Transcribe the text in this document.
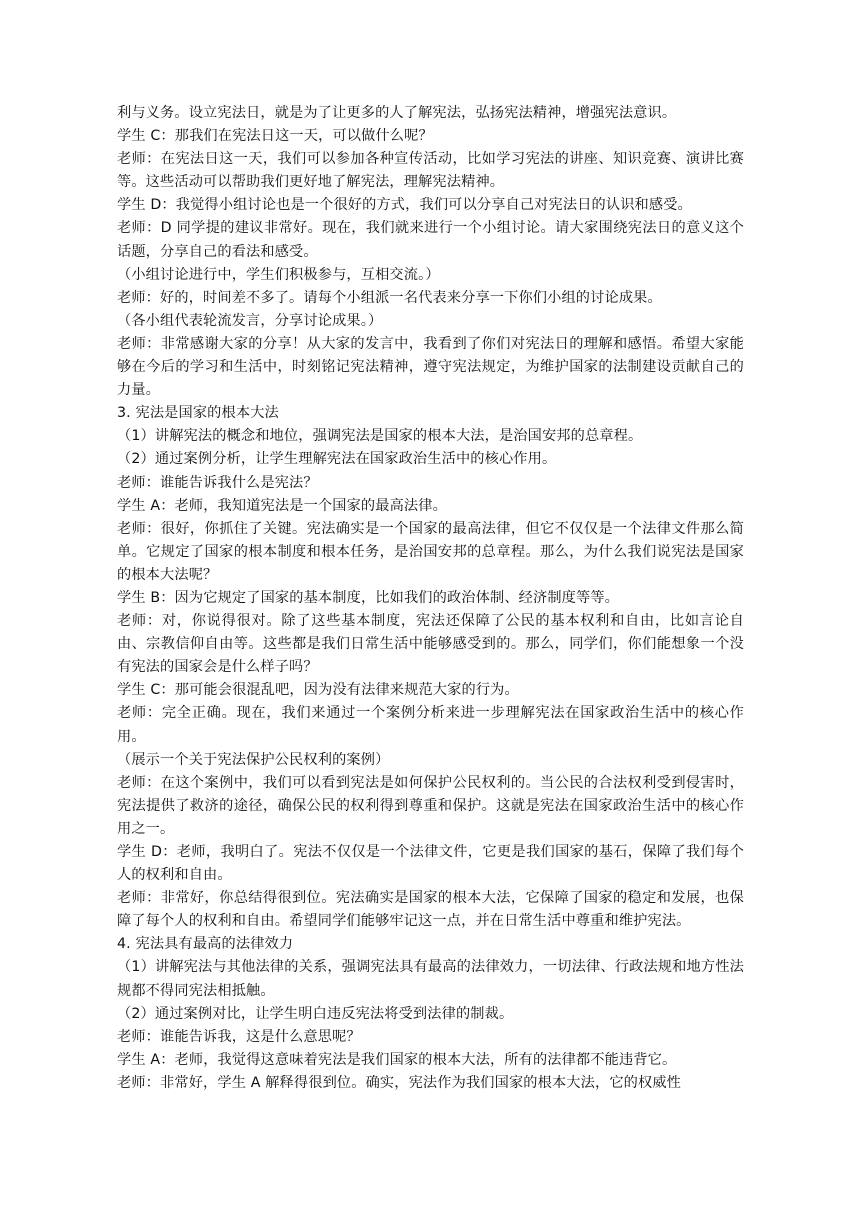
利与义务。设立宪法日，就是为了让更多的人了解宪法，弘扬宪法精神，增强宪法意识。

学生 C：那我们在宪法日这一天，可以做什么呢？

老师：在宪法日这一天，我们可以参加各种宣传活动，比如学习宪法的讲座、知识竞赛、演讲比赛等。这些活动可以帮助我们更好地了解宪法，理解宪法精神。

学生 D：我觉得小组讨论也是一个很好的方式，我们可以分享自己对宪法日的认识和感受。

老师：D 同学提的建议非常好。现在，我们就来进行一个小组讨论。请大家围绕宪法日的意义这个话题，分享自己的看法和感受。

（小组讨论进行中，学生们积极参与，互相交流。）

老师：好的，时间差不多了。请每个小组派一名代表来分享一下你们小组的讨论成果。

（各小组代表轮流发言，分享讨论成果。）

老师：非常感谢大家的分享！从大家的发言中，我看到了你们对宪法日的理解和感悟。希望大家能够在今后的学习和生活中，时刻铭记宪法精神，遵守宪法规定，为维护国家的法制建设贡献自己的力量。

3. 宪法是国家的根本大法

（1）讲解宪法的概念和地位，强调宪法是国家的根本大法，是治国安邦的总章程。

（2）通过案例分析，让学生理解宪法在国家政治生活中的核心作用。

老师：谁能告诉我什么是宪法？

学生 A：老师，我知道宪法是一个国家的最高法律。

老师：很好，你抓住了关键。宪法确实是一个国家的最高法律，但它不仅仅是一个法律文件那么简单。它规定了国家的根本制度和根本任务，是治国安邦的总章程。那么，为什么我们说宪法是国家的根本大法呢？

学生 B：因为它规定了国家的基本制度，比如我们的政治体制、经济制度等等。

老师：对，你说得很对。除了这些基本制度，宪法还保障了公民的基本权利和自由，比如言论自由、宗教信仰自由等。这些都是我们日常生活中能够感受到的。那么，同学们，你们能想象一个没有宪法的国家会是什么样子吗？

学生 C：那可能会很混乱吧，因为没有法律来规范大家的行为。

老师：完全正确。现在，我们来通过一个案例分析来进一步理解宪法在国家政治生活中的核心作用。

（展示一个关于宪法保护公民权利的案例）

老师：在这个案例中，我们可以看到宪法是如何保护公民权利的。当公民的合法权利受到侵害时，宪法提供了救济的途径，确保公民的权利得到尊重和保护。这就是宪法在国家政治生活中的核心作用之一。

学生 D：老师，我明白了。宪法不仅仅是一个法律文件，它更是我们国家的基石，保障了我们每个人的权利和自由。

老师：非常好，你总结得很到位。宪法确实是国家的根本大法，它保障了国家的稳定和发展，也保障了每个人的权利和自由。希望同学们能够牢记这一点，并在日常生活中尊重和维护宪法。

4. 宪法具有最高的法律效力

（1）讲解宪法与其他法律的关系，强调宪法具有最高的法律效力，一切法律、行政法规和地方性法规都不得同宪法相抵触。

（2）通过案例对比，让学生明白违反宪法将受到法律的制裁。

老师：谁能告诉我，这是什么意思呢？

学生 A：老师，我觉得这意味着宪法是我们国家的根本大法，所有的法律都不能违背它。

老师：非常好，学生 A 解释得很到位。确实，宪法作为我们国家的根本大法，它的权威性
